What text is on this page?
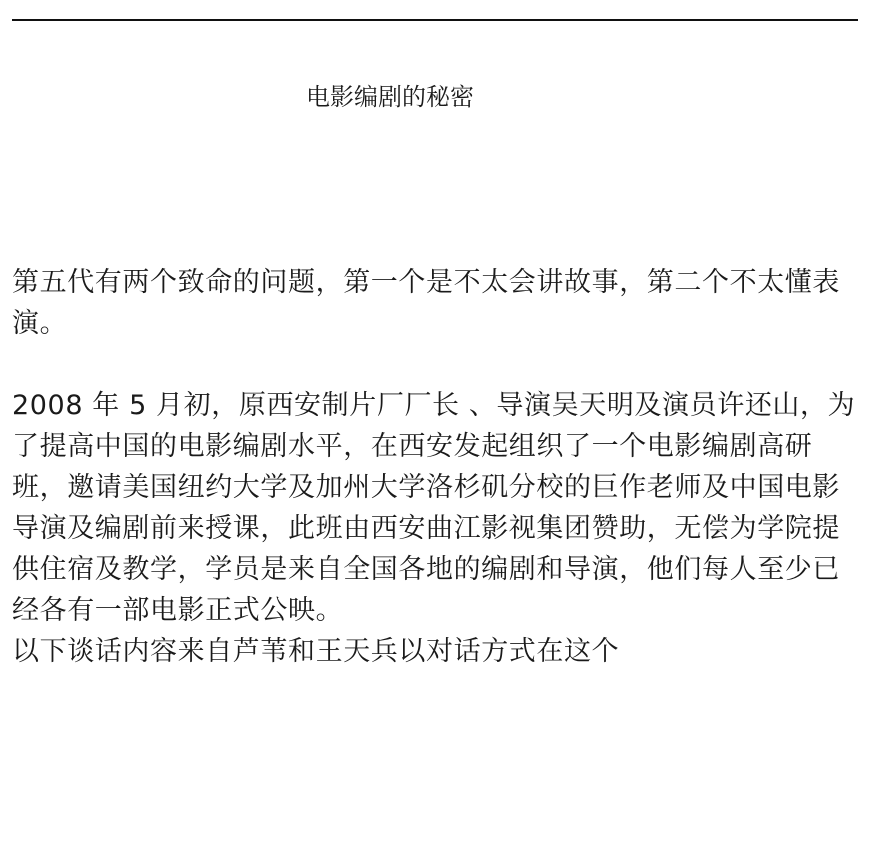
电影编剧的秘密

第五代有两个致命的问题，第一个是不太会讲故事，第二个不太懂表演。

2008 年 5 月初，原西安制片厂厂长 、导演吴天明及演员许还山，为了提高中国的电影编剧水平，在西安发起组织了一个电影编剧高研班，邀请美国纽约大学及加州大学洛杉矶分校的巨作老师及中国电影导演及编剧前来授课，此班由西安曲江影视集团赞助，无偿为学院提供住宿及教学，学员是来自全国各地的编剧和导演，他们每人至少已经各有一部电影正式公映。

以下谈话内容来自芦苇和王天兵以对话方式在这个
